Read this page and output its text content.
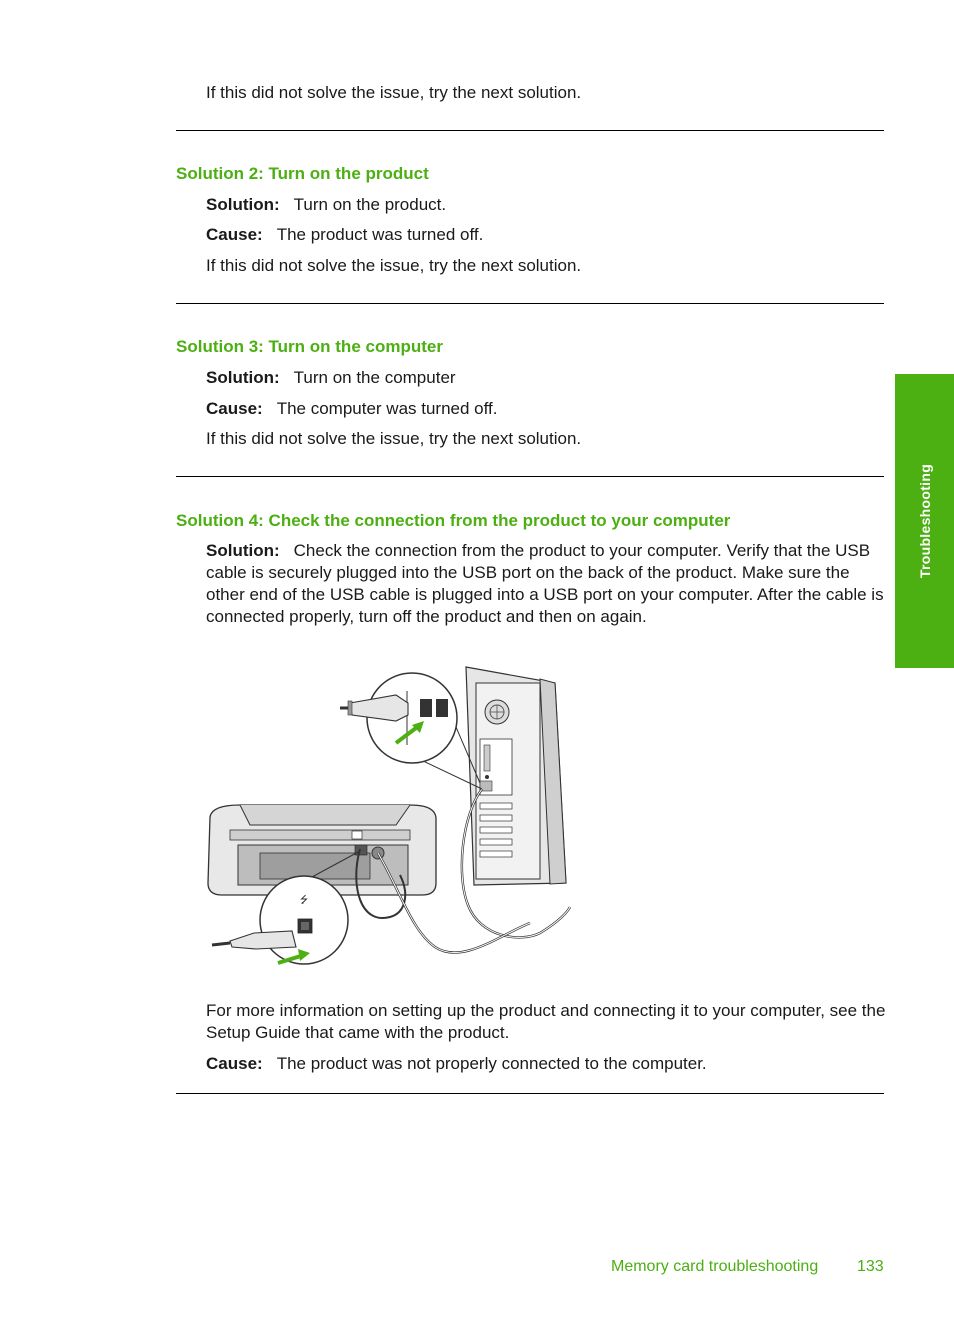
If this did not solve the issue, try the next solution.
Solution 2: Turn on the product
Solution: Turn on the product.
Cause: The product was turned off.
If this did not solve the issue, try the next solution.
Solution 3: Turn on the computer
Solution: Turn on the computer
Cause: The computer was turned off.
If this did not solve the issue, try the next solution.
Solution 4: Check the connection from the product to your computer
Solution: Check the connection from the product to your computer. Verify that the USB cable is securely plugged into the USB port on the back of the product. Make sure the other end of the USB cable is plugged into a USB port on your computer. After the cable is connected properly, turn off the product and then on again.
⭍
For more information on setting up the product and connecting it to your computer, see the Setup Guide that came with the product.
Cause: The product was not properly connected to the computer.
Troubleshooting
Memory card troubleshooting 133
